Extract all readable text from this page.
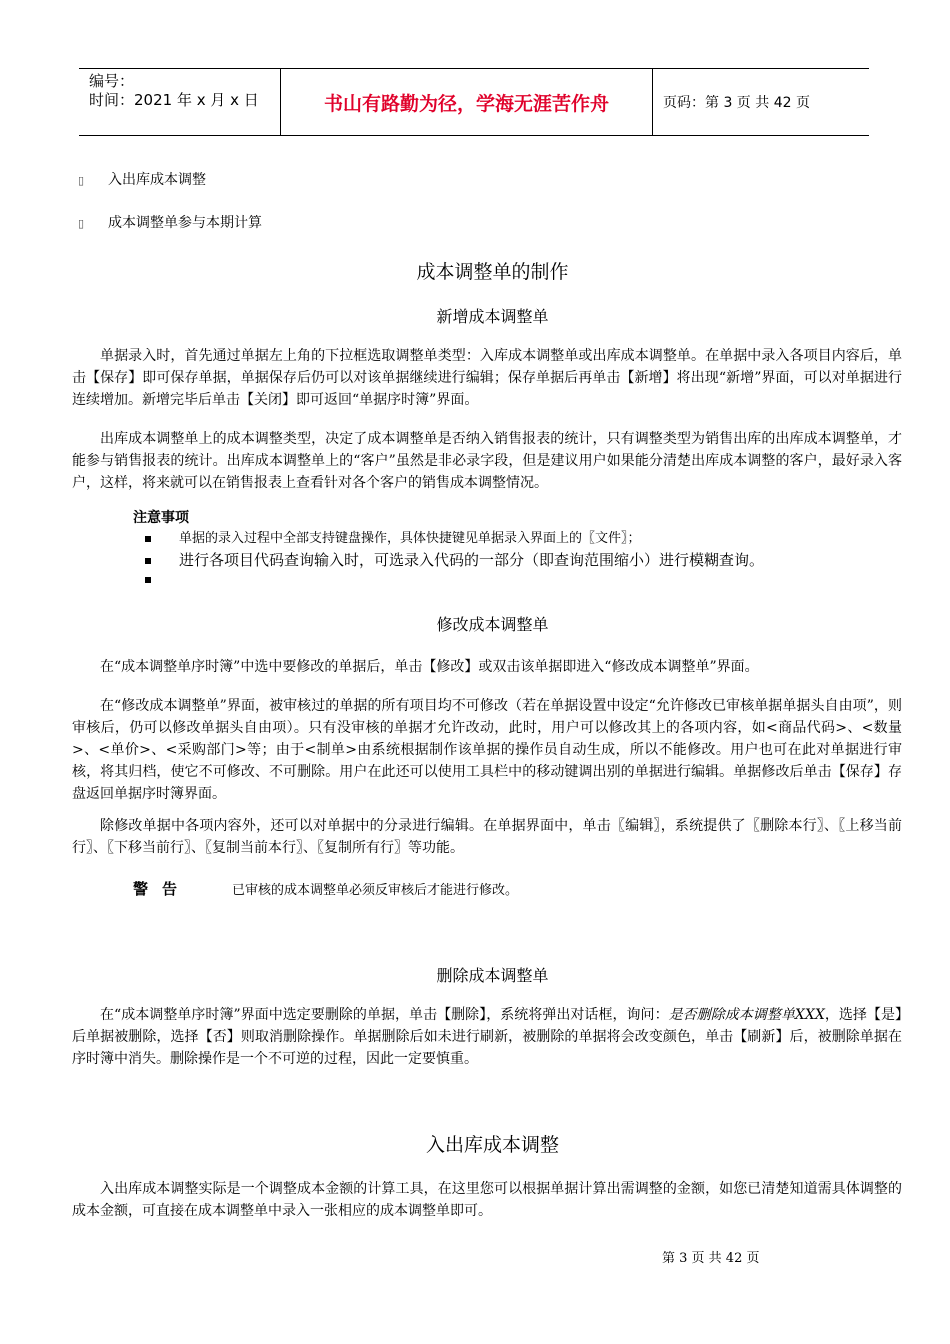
编号：
时间：2021 年 x 月 x 日	书山有路勤为径，学海无涯苦作舟	页码：第 3 页 共 42 页
▯ 入出库成本调整
▯ 成本调整单参与本期计算
成本调整单的制作
新增成本调整单
单据录入时，首先通过单据左上角的下拉框选取调整单类型：入库成本调整单或出库成本调整单。在单据中录入各项目内容后，单击【保存】即可保存单据，单据保存后仍可以对该单据继续进行编辑；保存单据后再单击【新增】将出现“新增”界面，可以对单据进行连续增加。新增完毕后单击【关闭】即可返回“单据序时簿”界面。
出库成本调整单上的成本调整类型，决定了成本调整单是否纳入销售报表的统计，只有调整类型为销售出库的出库成本调整单，才能参与销售报表的统计。出库成本调整单上的“客户”虽然是非必录字段，但是建议用户如果能分清楚出库成本调整的客户，最好录入客户，这样，将来就可以在销售报表上查看针对各个客户的销售成本调整情况。
注意事项
单据的录入过程中全部支持键盘操作，具体快捷键见单据录入界面上的〖文件〗；
进行各项目代码查询输入时，可选录入代码的一部分（即查询范围缩小）进行模糊查询。
修改成本调整单
在“成本调整单序时簿”中选中要修改的单据后，单击【修改】或双击该单据即进入“修改成本调整单”界面。
在“修改成本调整单”界面，被审核过的单据的所有项目均不可修改（若在单据设置中设定“允许修改已审核单据单据头自由项”，则审核后，仍可以修改单据头自由项）。只有没审核的单据才允许改动，此时，用户可以修改其上的各项内容，如<商品代码>、<数量>、<单价>、<采购部门>等；由于<制单>由系统根据制作该单据的操作员自动生成，所以不能修改。用户也可在此对单据进行审核，将其归档，使它不可修改、不可删除。用户在此还可以使用工具栏中的移动键调出别的单据进行编辑。单据修改后单击【保存】存盘返回单据序时簿界面。
除修改单据中各项内容外，还可以对单据中的分录进行编辑。在单据界面中，单击〖编辑〗，系统提供了〖删除本行〗、〖上移当前行〗、〖下移当前行〗、〖复制当前本行〗、〖复制所有行〗等功能。
警告	已审核的成本调整单必须反审核后才能进行修改。
删除成本调整单
在“成本调整单序时簿”界面中选定要删除的单据，单击【删除】，系统将弹出对话框，询问：是否删除成本调整单XXX，选择【是】后单据被删除，选择【否】则取消删除操作。单据删除后如未进行刷新，被删除的单据将会改变颜色，单击【刷新】后，被删除单据在序时簿中消失。删除操作是一个不可逆的过程，因此一定要慎重。
入出库成本调整
入出库成本调整实际是一个调整成本金额的计算工具，在这里您可以根据单据计算出需调整的金额，如您已清楚知道需具体调整的成本金额，可直接在成本调整单中录入一张相应的成本调整单即可。
第 3 页 共 42 页
